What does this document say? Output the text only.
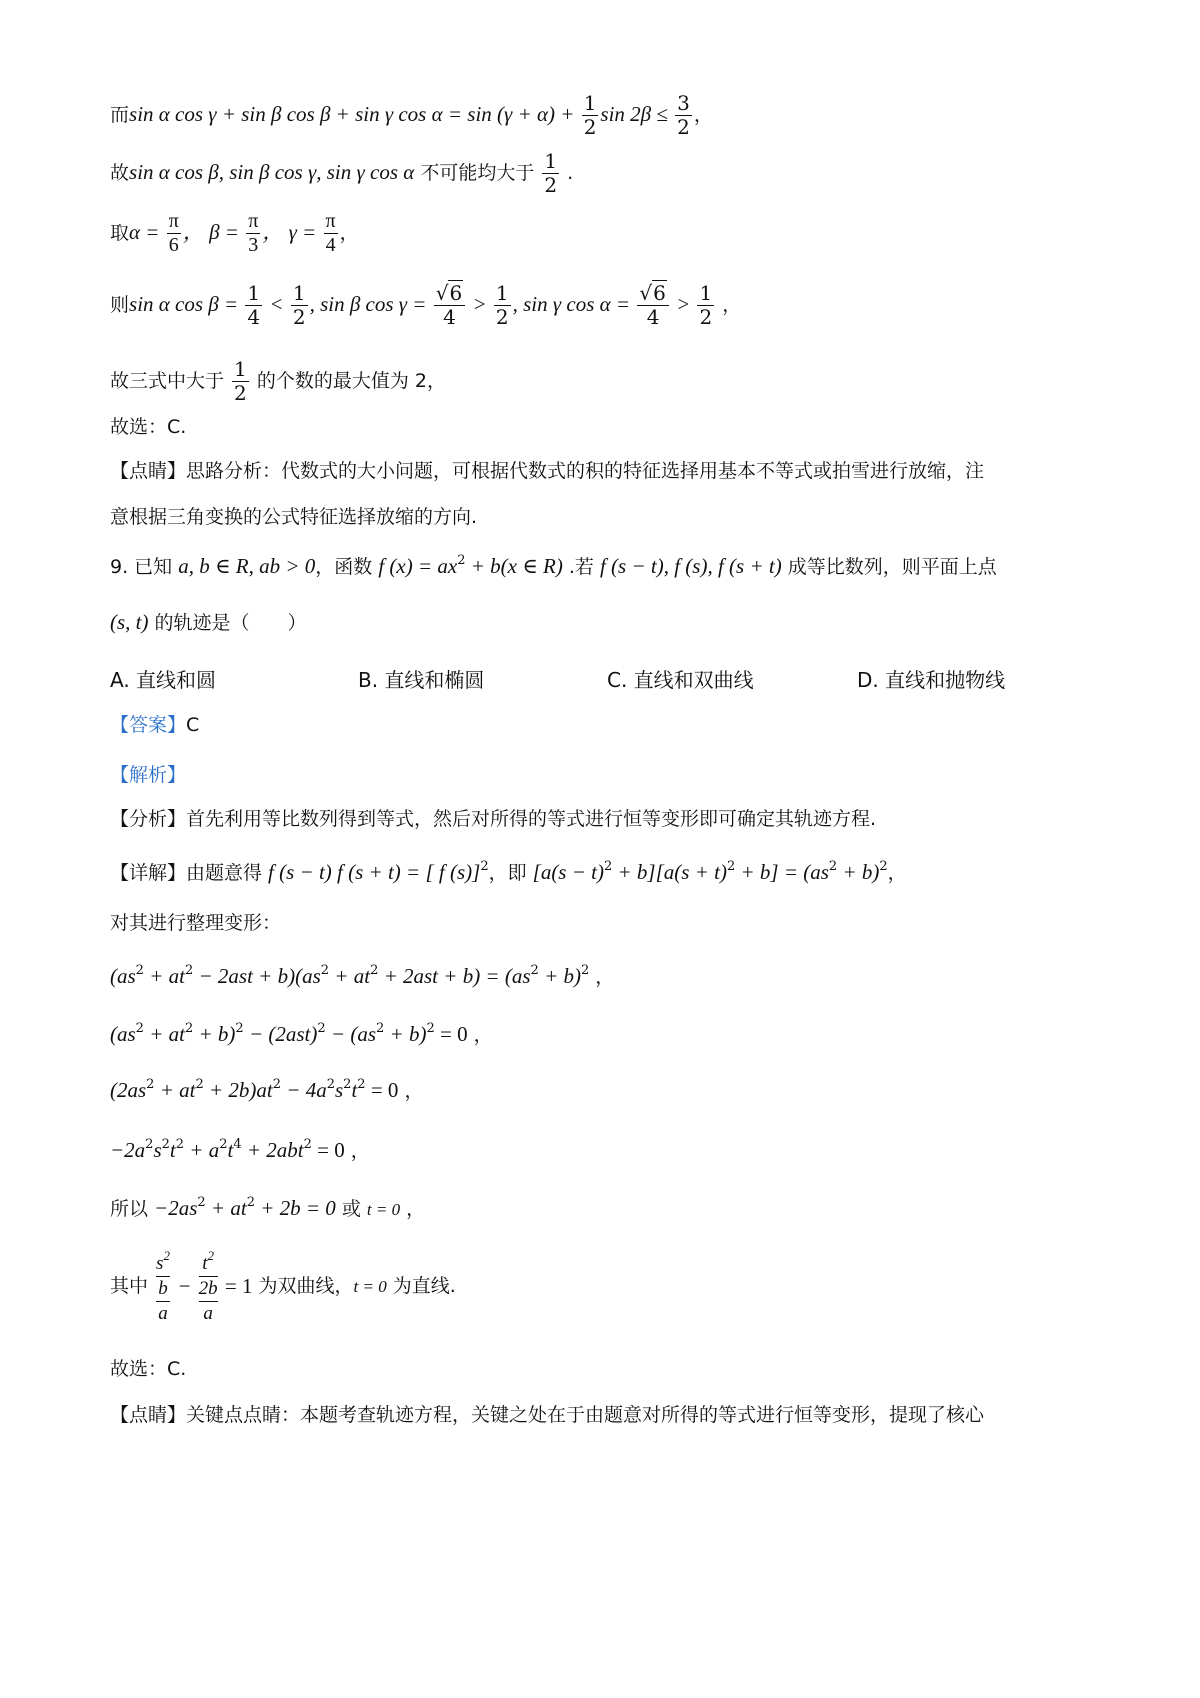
而sin α cos γ + sin β cos β + sin γ $\cos \alpha = \sin (\gamma + \alpha) + \frac{1}{2}$ $\sin 2\beta \le \frac{3}{2}$ ，
故sin α cos β, sin β cos γ, sin γ cos α 不可能均大于 $\frac{1}{2}$ .
取$\alpha = \frac{\pi}{6}$ ， $\beta = \frac{\pi}{3}$ ， $\gamma = \frac{\pi}{4}$ ，
则sin α $\cos \beta = \frac{1}{4} < \frac{1}{2}$ , sin β $\cos \gamma = \frac{√6}{4} > \frac{1}{2}$ , sin γ $\cos \alpha = \frac{√6}{4} > \frac{1}{2}$ ，
故三式中大于 $\frac{1}{2}$ 的个数的最大值为 2，
故选：C.
【点睛】思路分析：代数式的大小问题，可根据代数式的积的特征选择用基本不等式或拍雪进行放缩，注
意根据三角变换的公式特征选择放缩的方向.
9. 已知 a, b ∈ R, ab > 0，函数 f $(x) = ax^2 + b(x$ ∈ R) .若 f (s − t), f (s), f (s + t) 成等比数列，则平面上点
(s, t) 的轨迹是（　　）
A. 直线和圆	B. 直线和椭圆	C. 直线和双曲线	D. 直线和抛物线
【答案】C
【解析】
【分析】首先利用等比数列得到等式，然后对所得的等式进行恒等变形即可确定其轨迹方程.
【详解】由题意得 f (s − t) f (s + t) = [ f (s)]$^2$，即 $[a(s - t)^2 + b][a(s + t)^2 + b] = (as^2 + b)^2$，
对其进行整理变形：
$(as^2 + at^2 - 2ast + b)(as^2 + at^2 + 2ast + b) = (as^2 + b)^2$ ，
$(as^2 + at^2 + b)^2 - (2ast)^2 - (as^2 + b)^2 = 0$ ，
$(2as^2 + at^2 + 2b)at^2 - 4a^2s^2t^2 = 0$ ，
$-2a^2s^2t^2 + a^2t^4 + 2abt^2 = 0$ ，
所以 $-2as^2 + at^2 + 2b = 0$ 或 t = 0 ，
其中
$s^2$
b
a
−
$t^2$
2b
a
= 1 为双曲线，t = 0 为直线.
故选：C.
【点睛】关键点点睛：本题考查轨迹方程，关键之处在于由题意对所得的等式进行恒等变形，提现了核心
